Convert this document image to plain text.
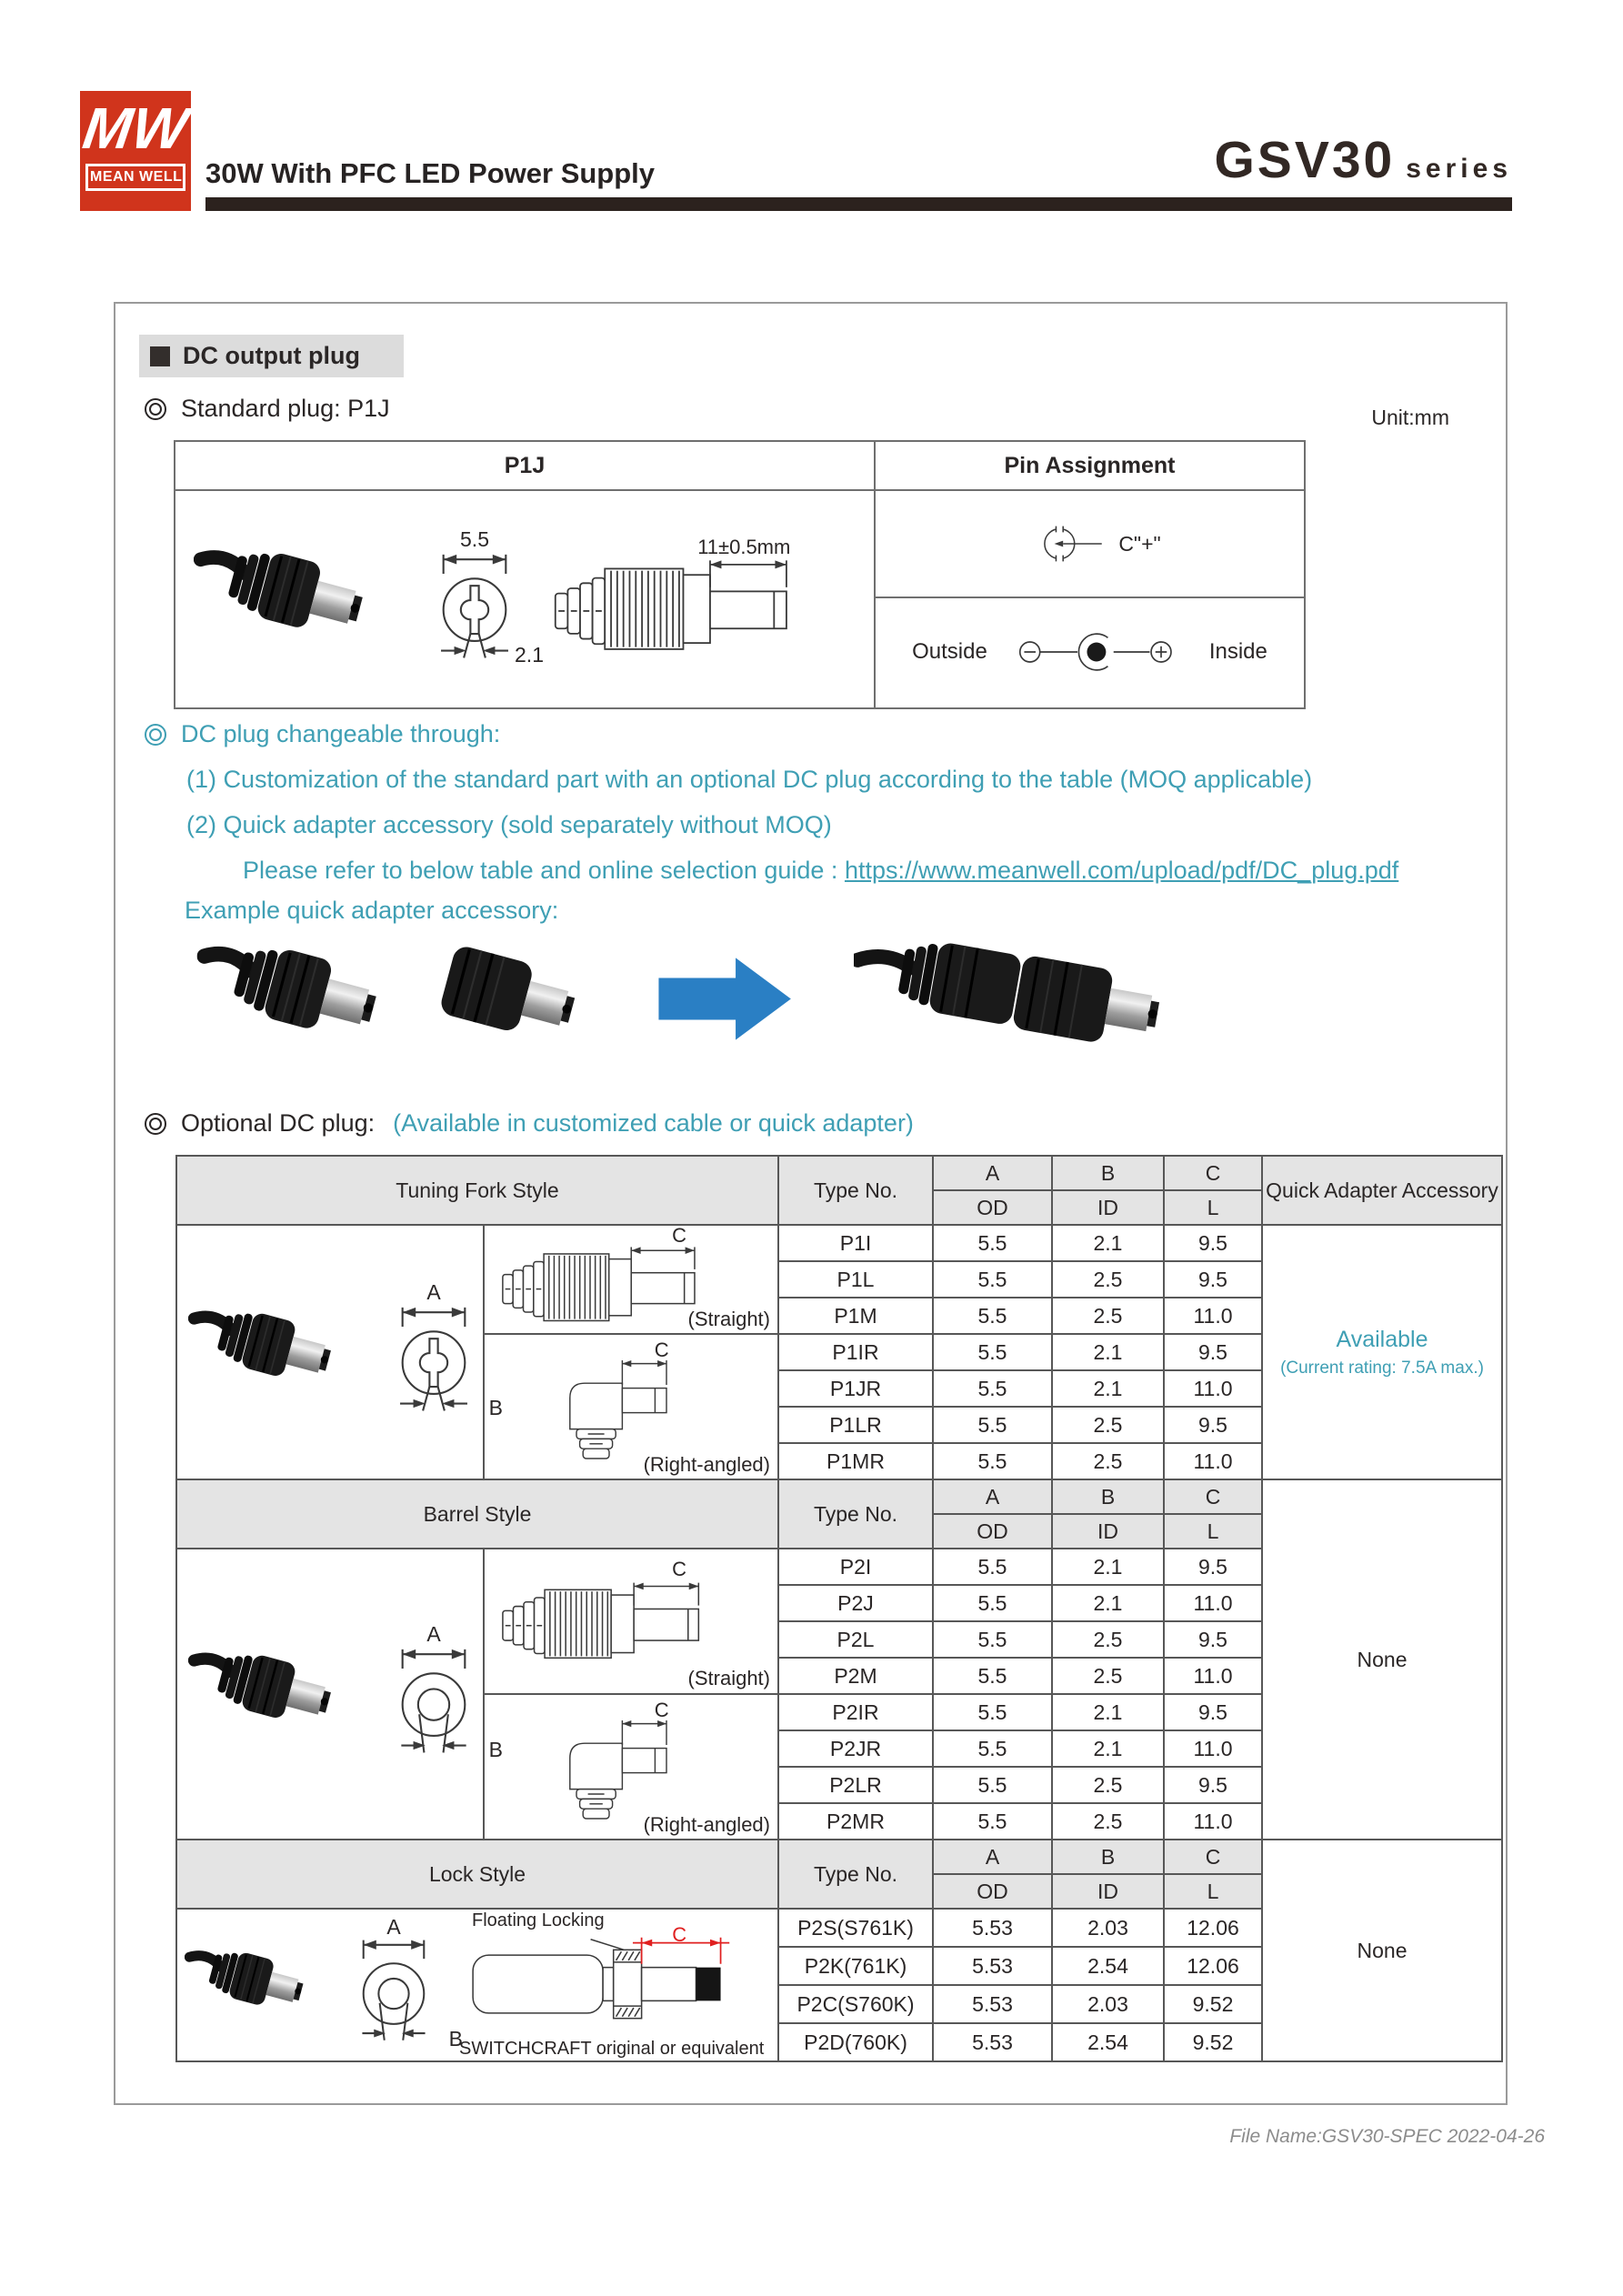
MW
MEAN WELL 30W With PFC LED Power Supply	GSV30 series
DC output plug
Standard plug: P1J	Unit:mm
P1J	Pin Assignment

5.5
2.1
11±0.5mm	C"+"
Outside	Inside
DC plug changeable through:
(1) Customization of the standard part with an optional DC plug according to the table (MOQ applicable)
(2) Quick adapter accessory (sold separately without MOQ)
Please refer to below table and online selection guide : https://www.meanwell.com/upload/pdf/DC_plug.pdf
Example quick adapter accessory:
Optional DC plug: (Available in customized cable or quick adapter)
Tuning Fork Style		Type No.	A	B	C	Quick Adapter Accessory
			OD	ID	L	

A
B

C
(Straight)
	P1I	5.5	2.1	9.5	
Available
(Current rating: 7.5A max.)

		P1L	5.5	2.5	9.5	
		P1M	5.5	2.5	11.0	

	C
(Right-angled)	P1IR	5.5	2.1	9.5	
		P1JR	5.5	2.1	11.0	
		P1LR	5.5	2.5	9.5	
		P1MR	5.5	2.5	11.0	
Barrel Style		Type No.	A	B	C	None
			OD	ID	L	

A
B	C
(Straight)	P2I	5.5	2.1	9.5	
		P2J	5.5	2.1	11.0	
		P2L	5.5	2.5	9.5	
		P2M	5.5	2.5	11.0	

	C
(Right-angled)	P2IR	5.5	2.1	9.5	
		P2JR	5.5	2.1	11.0	
		P2LR	5.5	2.5	9.5	
		P2MR	5.5	2.5	11.0	
Lock Style		Type No.	A	B	C	None
			OD	ID	L	

A
B
Floating Locking
C
SWITCHCRAFT original or equivalent		P2S(S761K)	5.53	2.03	12.06	
		P2K(761K)	5.53	2.54	12.06	
		P2C(S760K)	5.53	2.03	9.52	
		P2D(760K)	5.53	2.54	9.52	
File Name:GSV30-SPEC 2022-04-26
